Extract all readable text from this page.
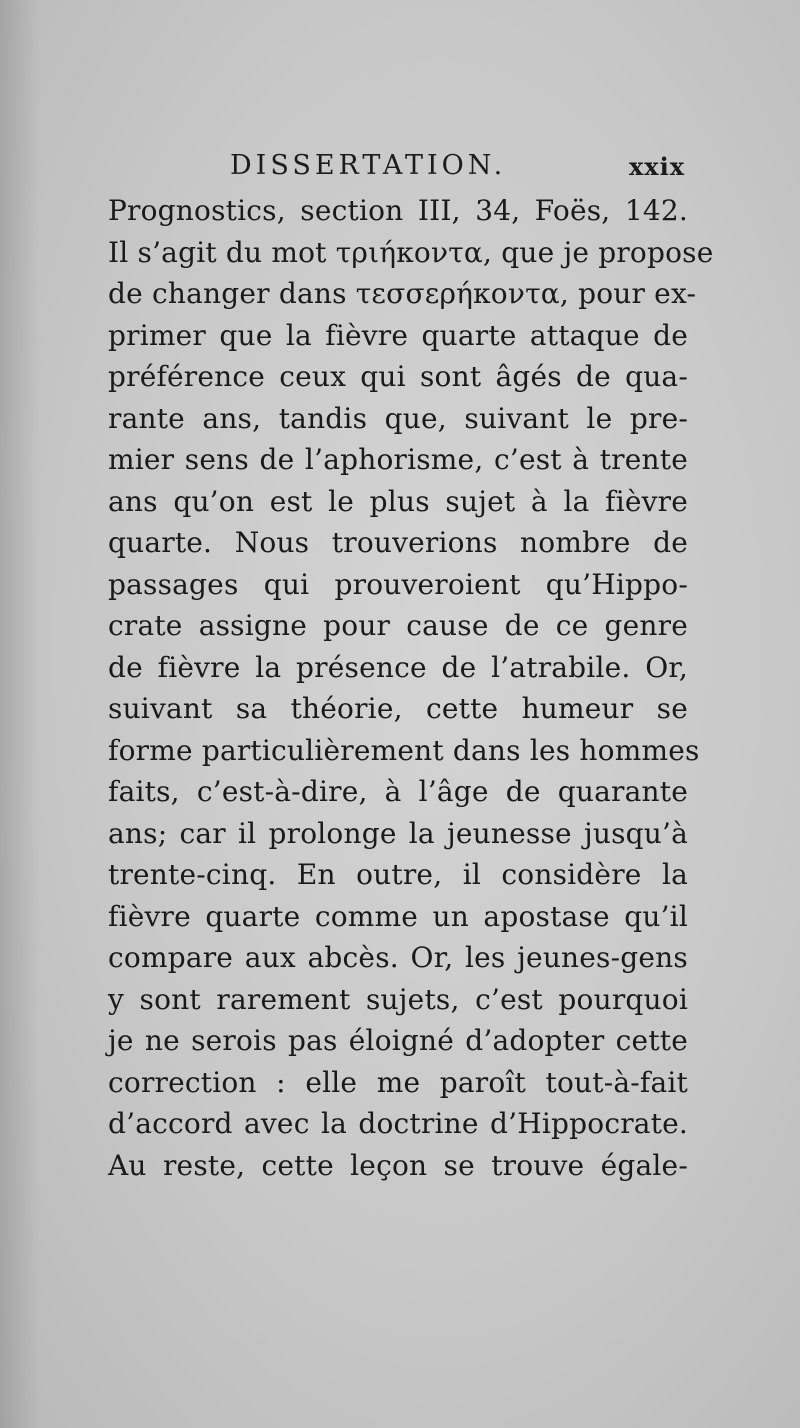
DISSERTATION.	xxix
Prognostics, section III, 34, Foës, 142.
Il s’agit du mot τριήκοντα, que je propose
de changer dans τεσσερήκοντα, pour ex-
primer que la fièvre quarte attaque de
préférence ceux qui sont âgés de qua-
rante ans, tandis que, suivant le pre-
mier sens de l’aphorisme, c’est à trente
ans qu’on est le plus sujet à la fièvre
quarte. Nous trouverions nombre de
passages qui prouveroient qu’Hippo-
crate assigne pour cause de ce genre
de fièvre la présence de l’atrabile. Or,
suivant sa théorie, cette humeur se
forme particulièrement dans les hommes
faits, c’est-à-dire, à l’âge de quarante
ans; car il prolonge la jeunesse jusqu’à
trente-cinq. En outre, il considère la
fièvre quarte comme un apostase qu’il
compare aux abcès. Or, les jeunes-gens
y sont rarement sujets, c’est pourquoi
je ne serois pas éloigné d’adopter cette
correction : elle me paroît tout-à-fait
d’accord avec la doctrine d’Hippocrate.
Au reste, cette leçon se trouve égale-
